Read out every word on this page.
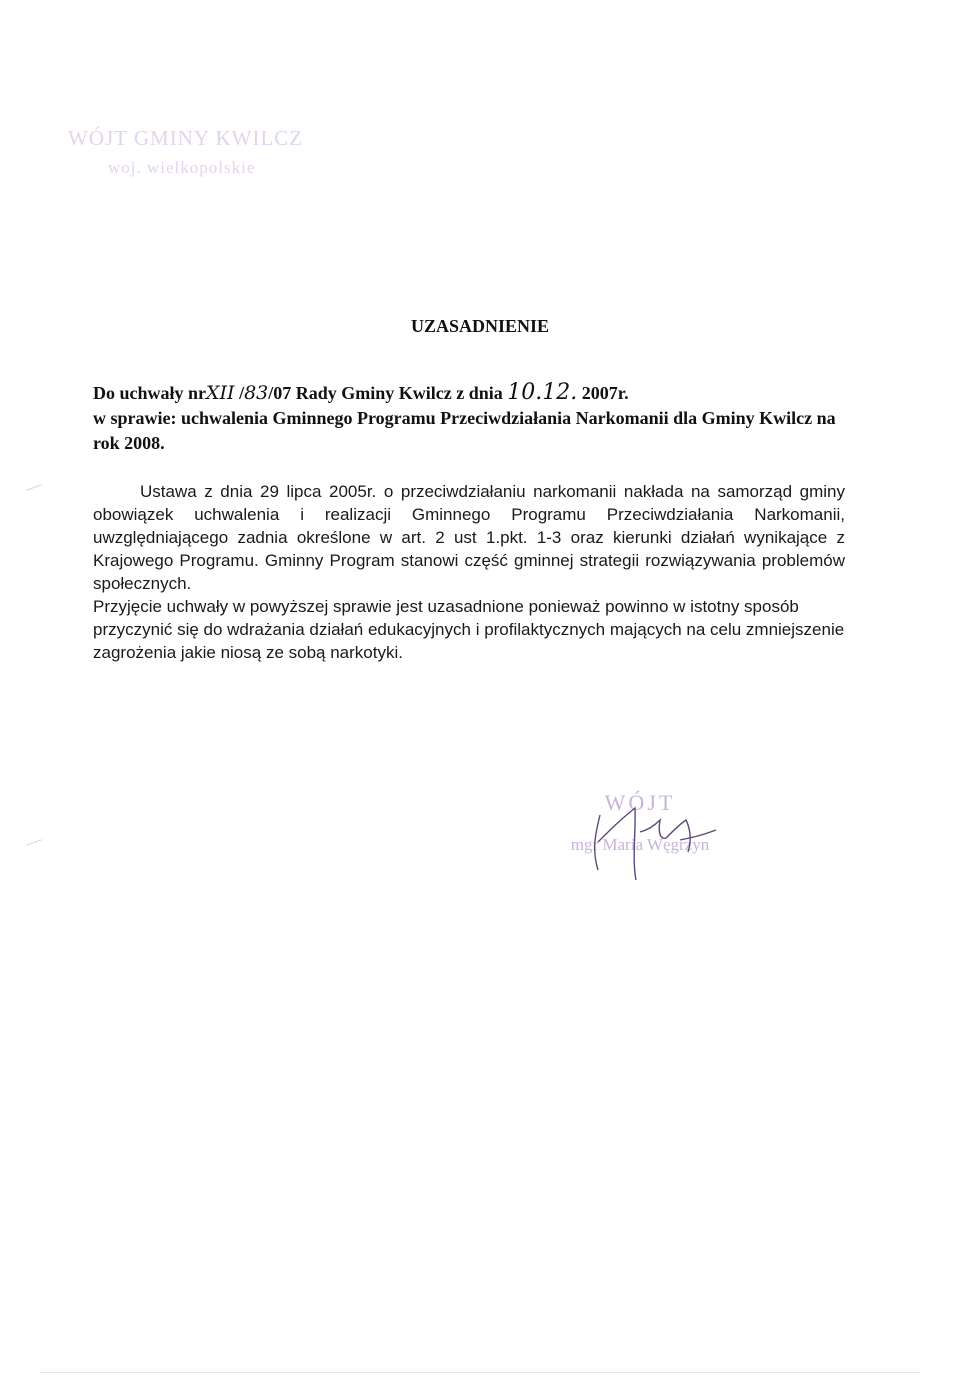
WÓJT GMINY KWILCZ
woj. wielkopolskie
UZASADNIENIE
Do uchwały nrXII /83/07 Rady Gminy Kwilcz z dnia 10.12. 2007r.
w sprawie: uchwalenia Gminnego Programu Przeciwdziałania Narkomanii dla Gminy Kwilcz na rok 2008.

Ustawa z dnia 29 lipca 2005r. o przeciwdziałaniu narkomanii nakłada na samorząd gminy obowiązek uchwalenia i realizacji Gminnego Programu Przeciwdziałania Narkomanii, uwzględniającego zadnia określone w art. 2 ust 1.pkt. 1-3 oraz kierunki działań wynikające z Krajowego Programu. Gminny Program stanowi część gminnej strategii rozwiązywania problemów społecznych.

Przyjęcie uchwały w powyższej sprawie jest uzasadnione ponieważ powinno w istotny sposób przyczynić się do wdrażania działań edukacyjnych i profilaktycznych mających na celu zmniejszenie zagrożenia jakie niosą ze sobą narkotyki.

WÓJT
mgr Maria Węgrzyn
